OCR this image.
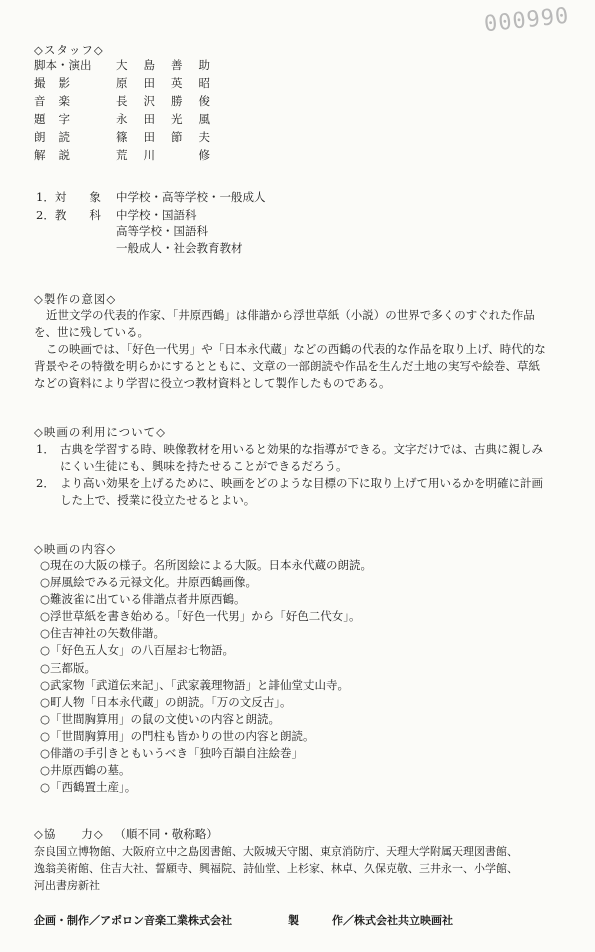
000990
◇スタッフ◇
脚本・演出 大島善助
撮影	原田英昭
音楽	長沢勝俊
題字	永田光風
朗読	篠田節夫
解説	荒川　修
1．対　　象 中学校・高等学校・一般成人
2．教　　科 中学校・国語科
高等学校・国語科
一般成人・社会教育教材
◇製作の意図◇
近世文学の代表的作家、「井原西鶴」は俳諧から浮世草紙（小説）の世界で多くのすぐれた作品
を、世に残している。
この映画では、「好色一代男」や「日本永代蔵」などの西鶴の代表的な作品を取り上げ、時代的な
背景やその特徴を明らかにするとともに、文章の一部朗読や作品を生んだ土地の実写や絵巻、草紙
などの資料により学習に役立つ教材資料として製作したものである。
◇映画の利用について◇
1． 古典を学習する時、映像教材を用いると効果的な指導ができる。文字だけでは、古典に親しみ
にくい生徒にも、興味を持たせることができるだろう。
2． より高い効果を上げるために、映画をどのような目標の下に取り上げて用いるかを明確に計画
した上で、授業に役立たせるとよい。
◇映画の内容◇
○現在の大阪の様子。名所図絵による大阪。日本永代蔵の朗読。
○屏風絵でみる元禄文化。井原西鶴画像。
○難波雀に出ている俳諧点者井原西鶴。
○浮世草紙を書き始める。「好色一代男」から「好色二代女」。
○住吉神社の矢数俳諧。
○「好色五人女」の八百屋お七物語。
○三都版。
○武家物「武道伝来記」、「武家義理物語」と誹仙堂丈山寺。
○町人物「日本永代蔵」の朗読。「万の文反古」。
○「世間胸算用」の鼠の文使いの内容と朗読。
○「世間胸算用」の門柱も皆かりの世の内容と朗読。
○俳諧の手引きともいうべき「独吟百韻自注絵巻」
○井原西鶴の墓。
○「西鶴置土産」。
◇協　　力◇ （順不同・敬称略）
奈良国立博物館、大阪府立中之島図書館、大阪城天守閣、東京消防庁、天理大学附属天理図書館、
逸翁美術館、住吉大社、誓願寺、興福院、詩仙堂、上杉家、林卓、久保克敬、三井永一、小学館、
河出書房新社
企画・制作／アポロン音楽工業株式会社	製　　　作／株式会社共立映画社
